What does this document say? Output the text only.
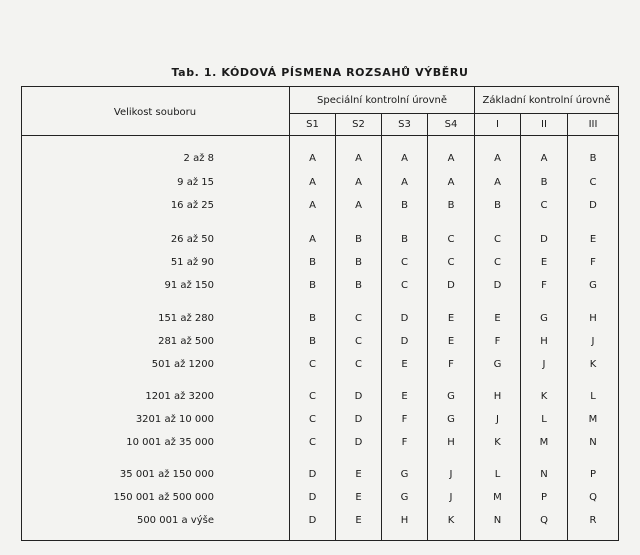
Tab. 1. KÓDOVÁ PÍSMENA ROZSAHŮ VÝBĚRU
Velikost souboru
Speciální kontrolní úrovně	Základní kontrolní úrovně
S1	S2	S3	S4	I	II	III
2 až 8	A	A	A	A	A	A	B
9 až 15	A	A	A	A	A	B	C
16 až 25	A	A	B	B	B	C	D
26 až 50	A	B	B	C	C	D	E
51 až 90	B	B	C	C	C	E	F
91 až 150	B	B	C	D	D	F	G
151 až 280	B	C	D	E	E	G	H
281 až 500	B	C	D	E	F	H	J
501 až 1200	C	C	E	F	G	J	K
1201 až 3200	C	D	E	G	H	K	L
3201 až 10 000	C	D	F	G	J	L	M
10 001 až 35 000	C	D	F	H	K	M	N
35 001 až 150 000	D	E	G	J	L	N	P
150 001 až 500 000	D	E	G	J	M	P	Q
500 001 a výše	D	E	H	K	N	Q	R
